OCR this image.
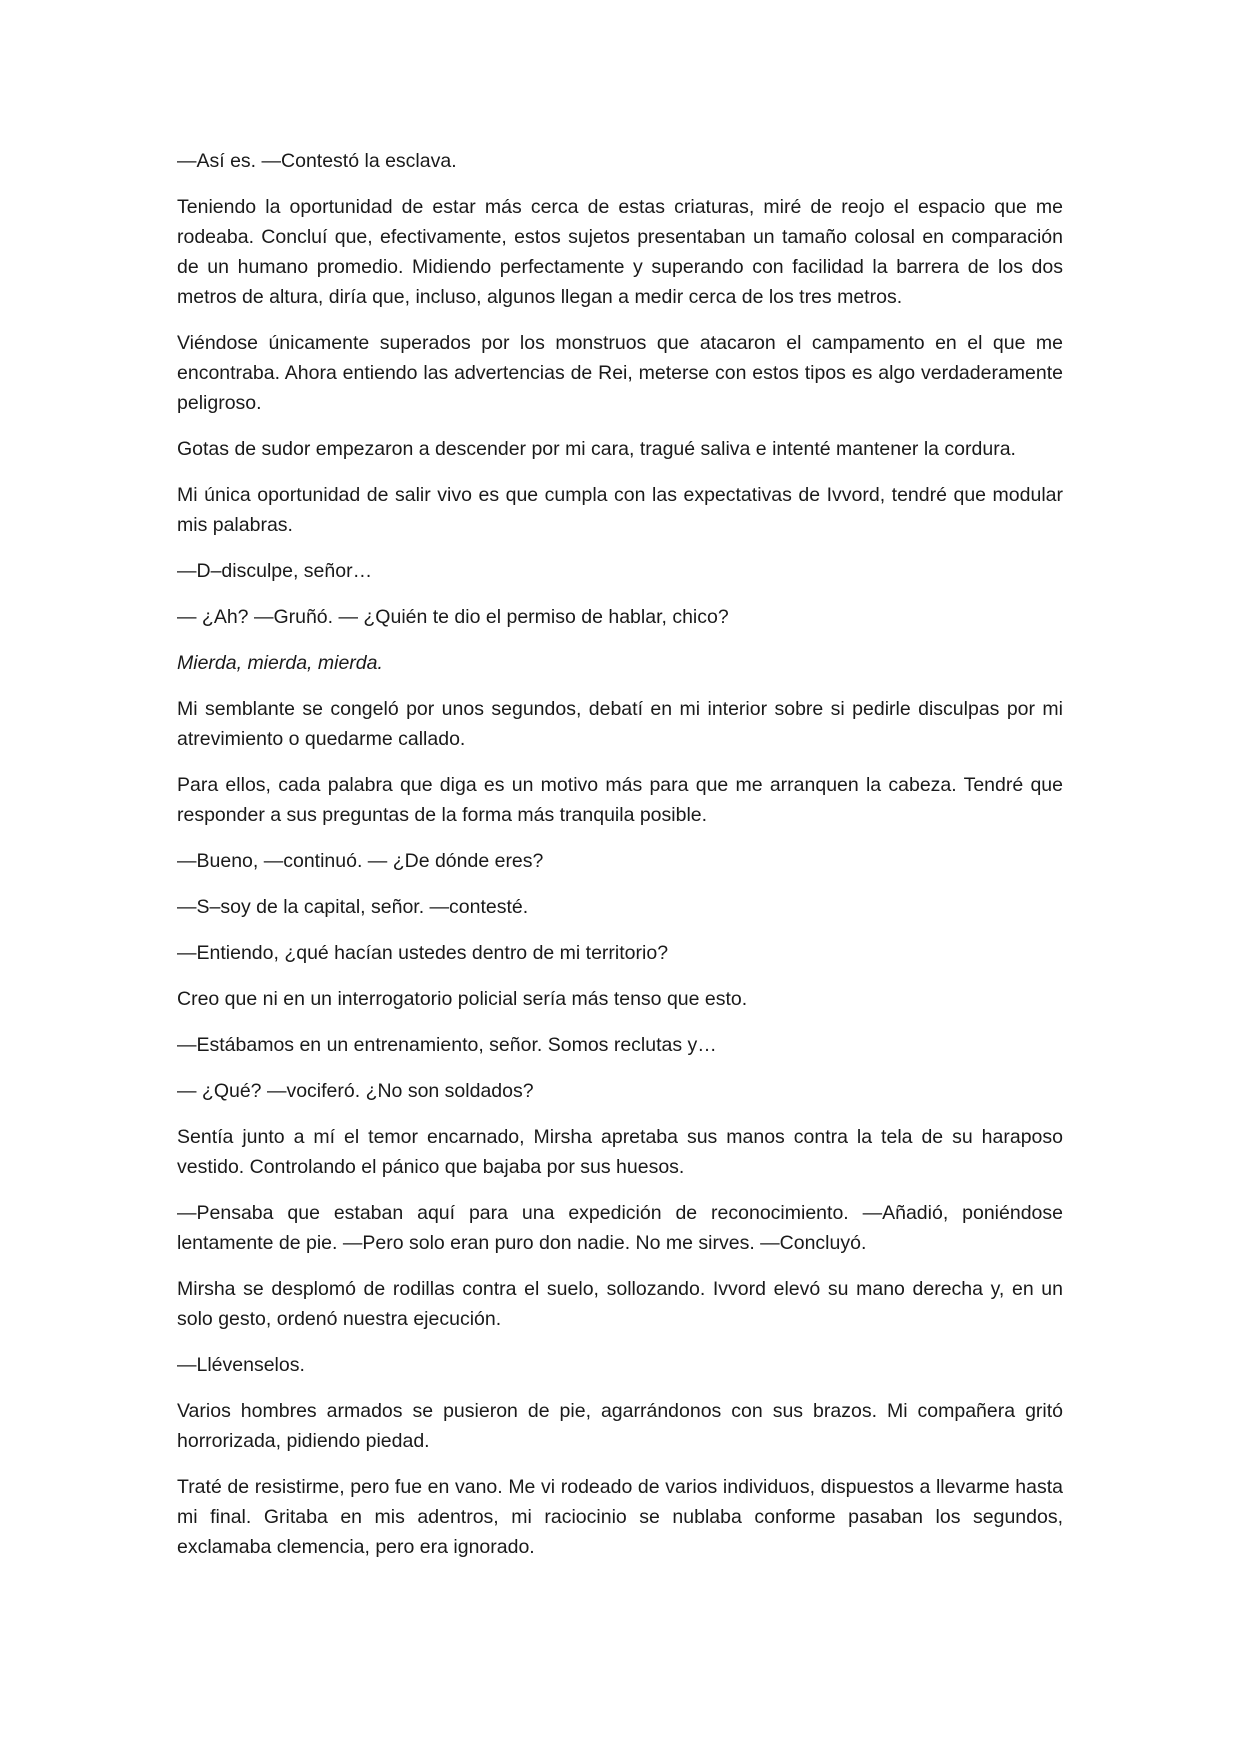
—Así es. —Contestó la esclava.

Teniendo la oportunidad de estar más cerca de estas criaturas, miré de reojo el espacio que me rodeaba. Concluí que, efectivamente, estos sujetos presentaban un tamaño colosal en comparación de un humano promedio. Midiendo perfectamente y superando con facilidad la barrera de los dos metros de altura, diría que, incluso, algunos llegan a medir cerca de los tres metros.

Viéndose únicamente superados por los monstruos que atacaron el campamento en el que me encontraba. Ahora entiendo las advertencias de Rei, meterse con estos tipos es algo verdaderamente peligroso.

Gotas de sudor empezaron a descender por mi cara, tragué saliva e intenté mantener la cordura.

Mi única oportunidad de salir vivo es que cumpla con las expectativas de Ivvord, tendré que modular mis palabras.

—D–disculpe, señor…

— ¿Ah? —Gruñó. — ¿Quién te dio el permiso de hablar, chico?

Mierda, mierda, mierda.

Mi semblante se congeló por unos segundos, debatí en mi interior sobre si pedirle disculpas por mi atrevimiento o quedarme callado.

Para ellos, cada palabra que diga es un motivo más para que me arranquen la cabeza. Tendré que responder a sus preguntas de la forma más tranquila posible.

—Bueno, —continuó. — ¿De dónde eres?

—S–soy de la capital, señor. —contesté.

—Entiendo, ¿qué hacían ustedes dentro de mi territorio?

Creo que ni en un interrogatorio policial sería más tenso que esto.

—Estábamos en un entrenamiento, señor. Somos reclutas y…

— ¿Qué? —vociferó. ¿No son soldados?

Sentía junto a mí el temor encarnado, Mirsha apretaba sus manos contra la tela de su haraposo vestido. Controlando el pánico que bajaba por sus huesos.

—Pensaba que estaban aquí para una expedición de reconocimiento. —Añadió, poniéndose lentamente de pie. —Pero solo eran puro don nadie. No me sirves. —Concluyó.

Mirsha se desplomó de rodillas contra el suelo, sollozando. Ivvord elevó su mano derecha y, en un solo gesto, ordenó nuestra ejecución.

—Llévenselos.

Varios hombres armados se pusieron de pie, agarrándonos con sus brazos. Mi compañera gritó horrorizada, pidiendo piedad.

Traté de resistirme, pero fue en vano. Me vi rodeado de varios individuos, dispuestos a llevarme hasta mi final. Gritaba en mis adentros, mi raciocinio se nublaba conforme pasaban los segundos, exclamaba clemencia, pero era ignorado.
